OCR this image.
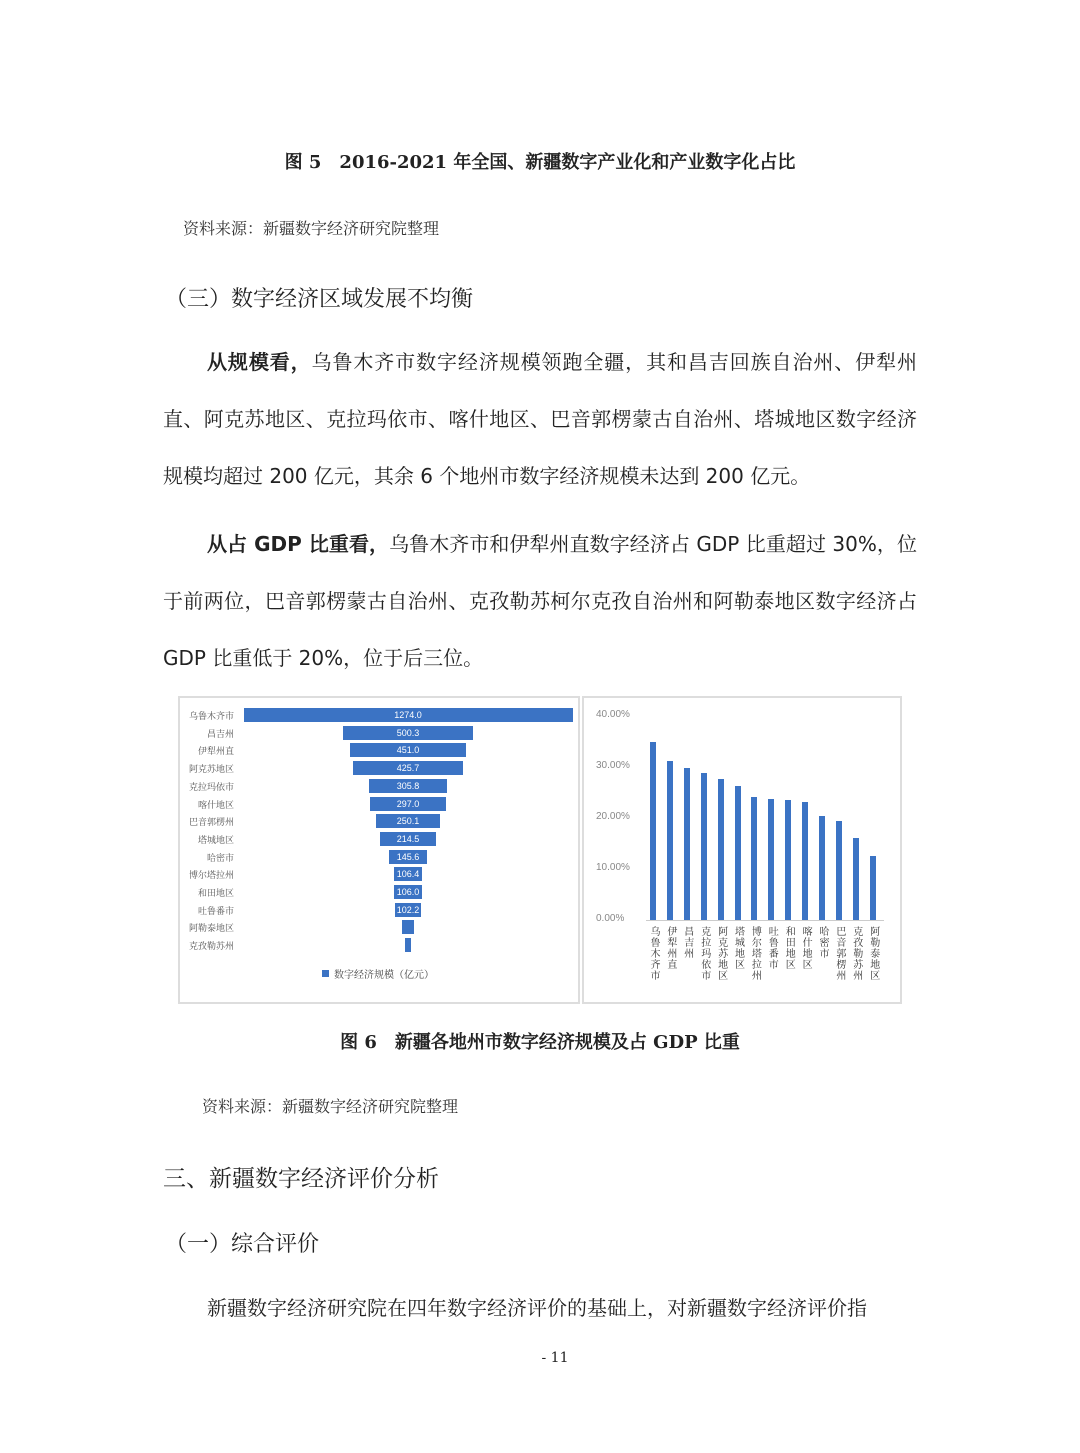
图 5　2016-2021 年全国、新疆数字产业化和产业数字化占比
资料来源：新疆数字经济研究院整理
（三）数字经济区域发展不均衡
从规模看，乌鲁木齐市数字经济规模领跑全疆，其和昌吉回族自治州、伊犁州直、阿克苏地区、克拉玛依市、喀什地区、巴音郭楞蒙古自治州、塔城地区数字经济规模均超过 200 亿元，其余 6 个地州市数字经济规模未达到 200 亿元。
从占 GDP 比重看，乌鲁木齐市和伊犁州直数字经济占 GDP 比重超过 30%，位于前两位，巴音郭楞蒙古自治州、克孜勒苏柯尔克孜自治州和阿勒泰地区数字经济占 GDP 比重低于 20%，位于后三位。
数字经济规模（亿元）
乌鲁木齐市	1274.0
昌吉州	500.3
伊犁州直	451.0
阿克苏地区	425.7
克拉玛依市	305.8
喀什地区	297.0
巴音郭楞州	250.1
塔城地区	214.5
哈密市	145.6
博尔塔拉州	106.4
和田地区	106.0
吐鲁番市	102.2
阿勒泰地区
克孜勒苏州
0.00%
10.00%
20.00%
30.00%
40.00%
乌鲁木齐市 伊犁州直 昌吉州 克拉玛依市 阿克苏地区 塔城地区 博尔塔拉州 吐鲁番市 和田地区 喀什地区 哈密市 巴音郭楞州 克孜勒苏州 阿勒泰地区
图 6　新疆各地州市数字经济规模及占 GDP 比重
资料来源：新疆数字经济研究院整理
三、新疆数字经济评价分析
（一）综合评价
新疆数字经济研究院在四年数字经济评价的基础上，对新疆数字经济评价指
- 11
